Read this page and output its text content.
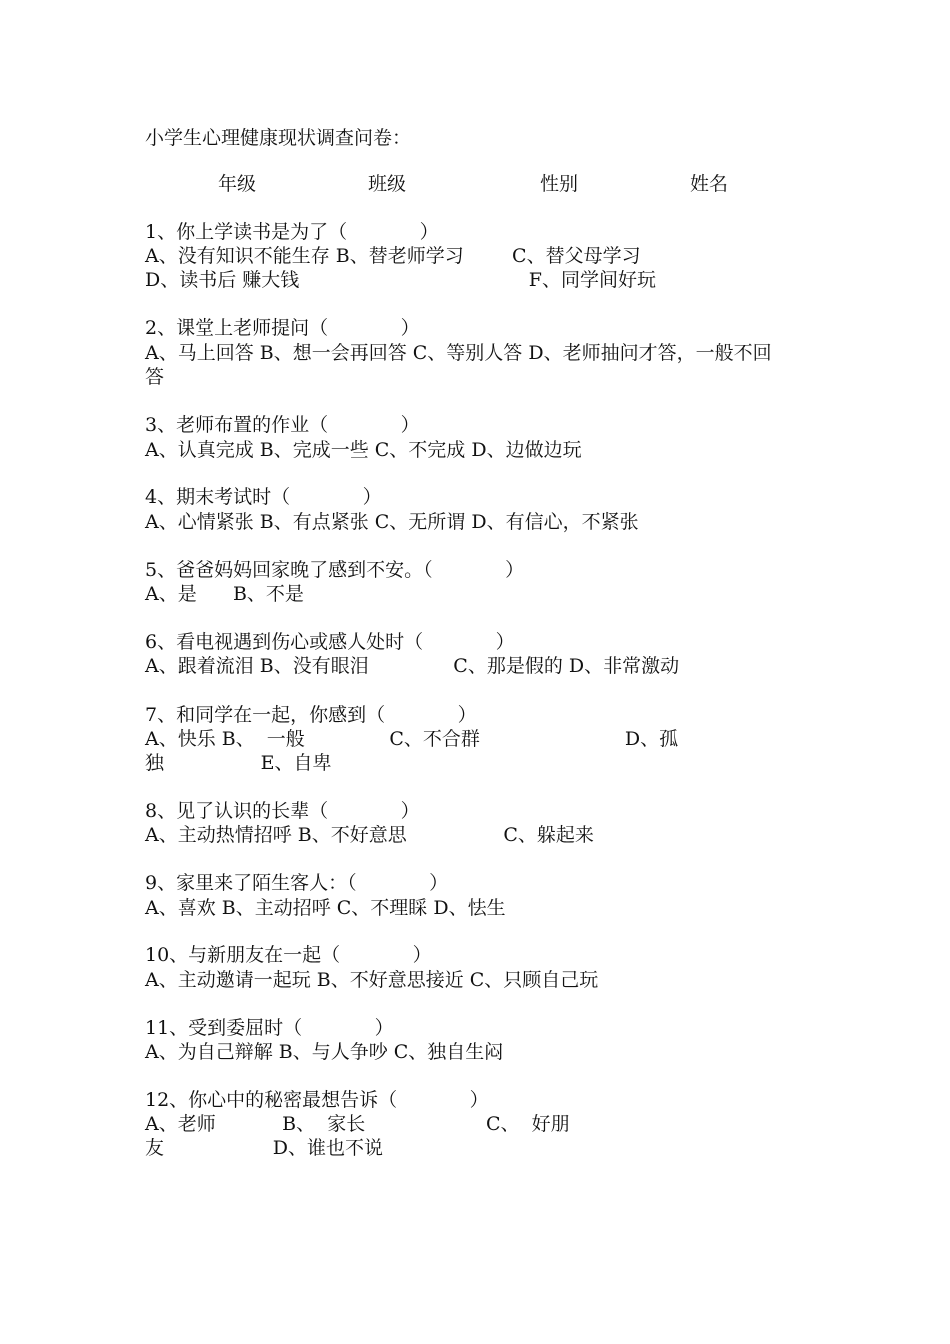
小学生心理健康现状调查问卷：
年级	班级	性别	姓名
1、你上学读书是为了（            ）
A、没有知识不能生存 B、替老师学习        C、替父母学习
D、读书后 赚大钱                                      F、同学间好玩
2、课堂上老师提问（            ）
A、马上回答 B、想一会再回答 C、等别人答 D、老师抽问才答，一般不回
答
3、老师布置的作业（            ）
A、认真完成 B、完成一些 C、不完成 D、边做边玩
4、期末考试时（            ）
A、心情紧张 B、有点紧张 C、无所谓 D、有信心，不紧张
5、爸爸妈妈回家晚了感到不安。（            ）
A、是      B、不是
6、看电视遇到伤心或感人处时（            ）
A、跟着流泪 B、没有眼泪              C、那是假的 D、非常激动
7、和同学在一起，你感到（            ）
A、快乐 B、  一般              C、不合群                        D、孤
独                E、自卑
8、见了认识的长辈（            ）
A、主动热情招呼 B、不好意思                C、躲起来
9、家里来了陌生客人：（            ）
A、喜欢 B、主动招呼 C、不理睬 D、怯生
10、与新朋友在一起（            ）
A、主动邀请一起玩 B、不好意思接近 C、只顾自己玩
11、受到委屈时（            ）
A、为自己辩解 B、与人争吵 C、独自生闷
12、你心中的秘密最想告诉（            ）
A、老师           B、  家长                    C、  好朋
友                  D、谁也不说
